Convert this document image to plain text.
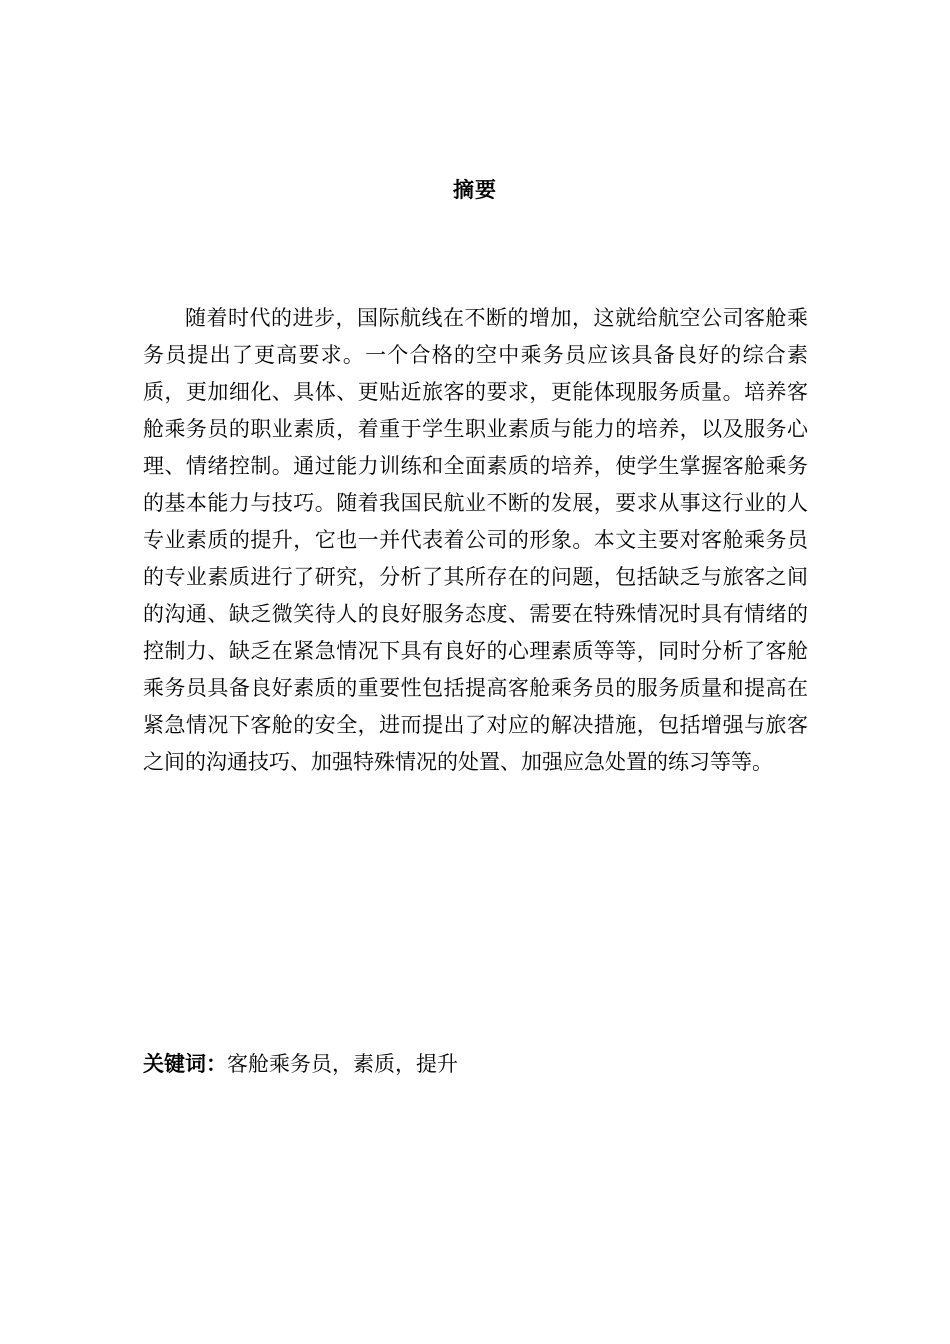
摘要

随着时代的进步，国际航线在不断的增加，这就给航空公司客舱乘务员提出了更高要求。一个合格的空中乘务员应该具备良好的综合素质，更加细化、具体、更贴近旅客的要求，更能体现服务质量。培养客舱乘务员的职业素质，着重于学生职业素质与能力的培养，以及服务心理、情绪控制。通过能力训练和全面素质的培养，使学生掌握客舱乘务的基本能力与技巧。随着我国民航业不断的发展，要求从事这行业的人专业素质的提升，它也一并代表着公司的形象。本文主要对客舱乘务员的专业素质进行了研究，分析了其所存在的问题，包括缺乏与旅客之间的沟通、缺乏微笑待人的良好服务态度、需要在特殊情况时具有情绪的控制力、缺乏在紧急情况下具有良好的心理素质等等，同时分析了客舱乘务员具备良好素质的重要性包括提高客舱乘务员的服务质量和提高在紧急情况下客舱的安全，进而提出了对应的解决措施，包括增强与旅客之间的沟通技巧、加强特殊情况的处置、加强应急处置的练习等等。

关键词：客舱乘务员，素质，提升
